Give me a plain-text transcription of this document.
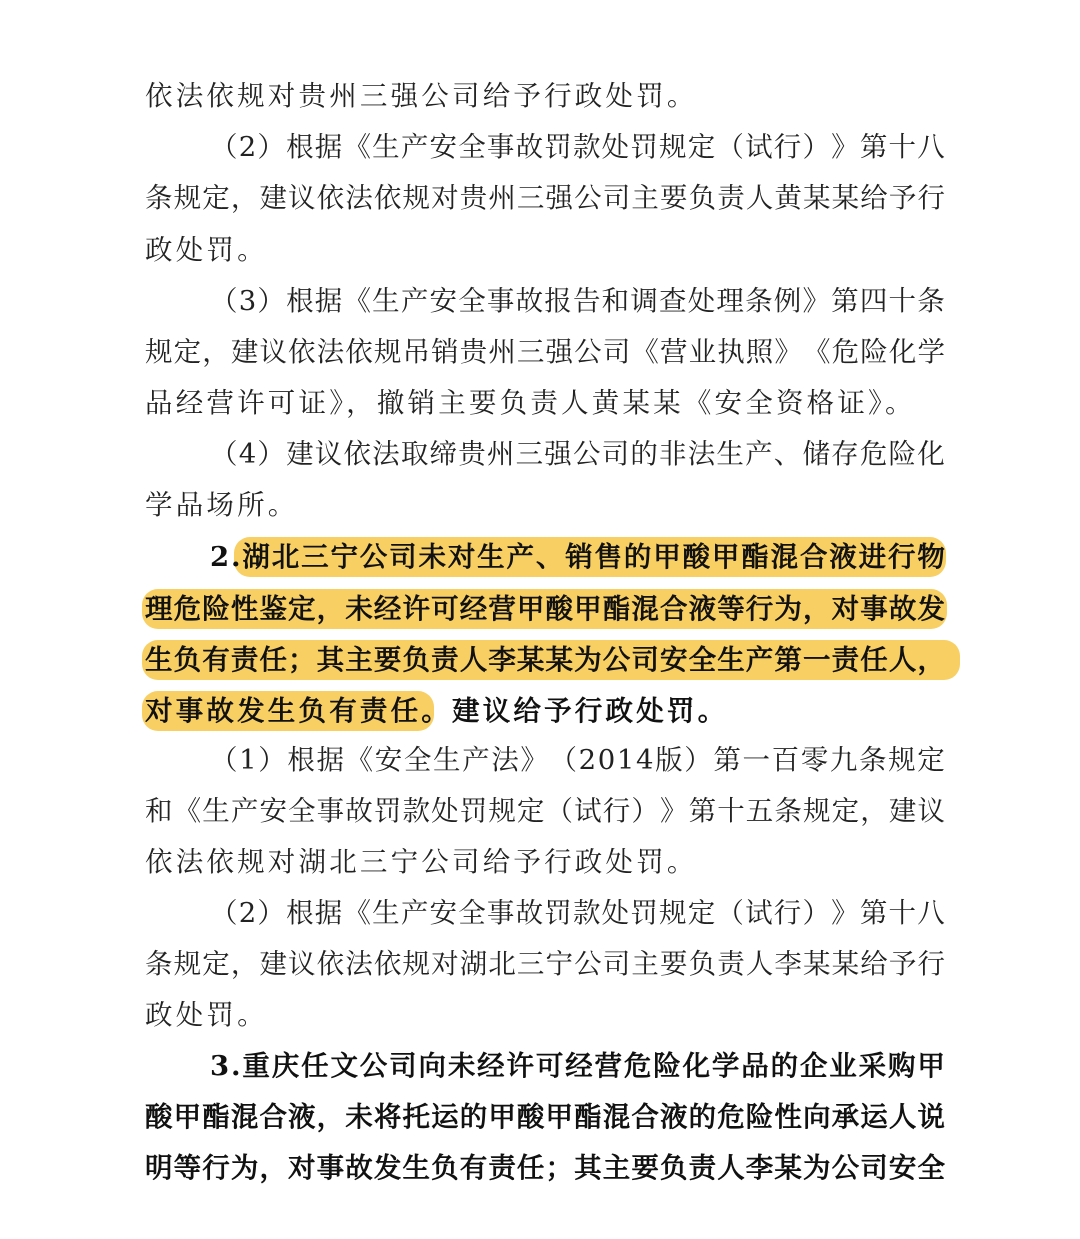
依法依规对贵州三强公司给予行政处罚。
（ 2 ） 根 据 《 生 产 安 全 事 故 罚 款 处 罚 规 定 （ 试 行 ） 》 第 十 八
条 规 定 ， 建 议 依 法 依 规 对 贵 州 三 强 公 司 主 要 负 责 人 黄 某 某 给 予 行
政处罚。
（ 3 ） 根 据 《 生 产 安 全 事 故 报 告 和 调 查 处 理 条 例 》 第 四 十 条
规 定 ， 建 议 依 法 依 规 吊 销 贵 州 三 强 公 司 《 营 业 执 照 》 《 危 险 化 学
品经营许可证》，撤销主要负责人黄某某《安全资格证》。
（ 4 ） 建 议 依 法 取 缔 贵 州 三 强 公 司 的 非 法 生 产 、 储 存 危 险 化
学品场所。
2 . 湖 北 三 宁 公 司 未 对 生 产 、 销 售 的 甲 酸 甲 酯 混 合 液 进 行 物
理 危 险 性 鉴 定 ， 未 经 许 可 经 营 甲 酸 甲 酯 混 合 液 等 行 为 ， 对 事 故 发
生 负 有 责 任 ； 其 主 要 负 责 人 李 某 某 为 公 司 安 全 生 产 第 一 责 任 人 ，
对事故发生负有责任。建议给予行政处罚。
（ 1 ） 根 据 《 安 全 生 产 法 》 （ 2 0 1 4 版 ） 第 一 百 零 九 条 规 定
和 《 生 产 安 全 事 故 罚 款 处 罚 规 定 （ 试 行 ） 》 第 十 五 条 规 定 ， 建 议
依法依规对湖北三宁公司给予行政处罚。
（ 2 ） 根 据 《 生 产 安 全 事 故 罚 款 处 罚 规 定 （ 试 行 ） 》 第 十 八
条 规 定 ， 建 议 依 法 依 规 对 湖 北 三 宁 公 司 主 要 负 责 人 李 某 某 给 予 行
政处罚。
3 . 重 庆 任 文 公 司 向 未 经 许 可 经 营 危 险 化 学 品 的 企 业 采 购 甲
酸 甲 酯 混 合 液 ， 未 将 托 运 的 甲 酸 甲 酯 混 合 液 的 危 险 性 向 承 运 人 说
明 等 行 为 ， 对 事 故 发 生 负 有 责 任 ； 其 主 要 负 责 人 李 某 为 公 司 安 全
